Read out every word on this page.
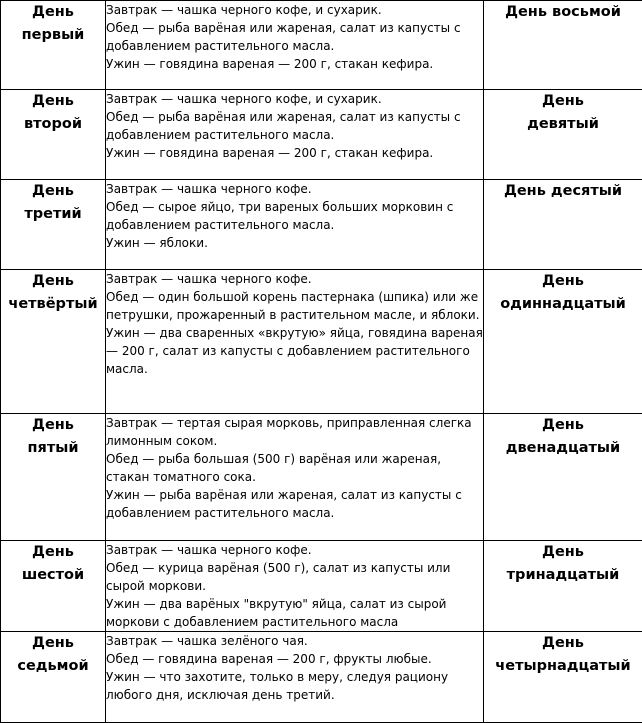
День
первый	Завтрак — чашка черного кофе, и сухарик.
Обед — рыба варёная или жареная, салат из капусты с добавлением растительного масла.
Ужин — говядина вареная — 200 г, стакан кефира.	День восьмой

День
второй	Завтрак — чашка черного кофе, и сухарик.
Обед — рыба варёная или жареная, салат из капусты с добавлением растительного масла.
Ужин — говядина вареная — 200 г, стакан кефира.	День
девятый

День
третий	Завтрак — чашка черного кофе.
Обед — сырое яйцо, три вареных больших морковин с добавлением растительного масла.
Ужин — яблоки.	День десятый

День
четвёртый	Завтрак — чашка черного кофе.
Обед — один большой корень пастернака (шпика) или же петрушки, прожаренный в растительном масле, и яблоки.
Ужин — два сваренных «вкрутую» яйца, говядина вареная — 200 г, салат из капусты с добавлением растительного масла.	День
одиннадцатый

День
пятый	Завтрак — тертая сырая морковь, приправленная слегка лимонным соком.
Обед — рыба большая (500 г) варёная или жареная, стакан томатного сока.
Ужин — рыба варёная или жареная, салат из капусты с добавлением растительного масла.	День
двенадцатый

День
шестой	Завтрак — чашка черного кофе.
Обед — курица варёная (500 г), салат из капусты или сырой моркови.
Ужин — два варёных "вкрутую" яйца, салат из сырой моркови с добавлением растительного масла	День
тринадцатый

День
седьмой	Завтрак — чашка зелёного чая.
Обед — говядина вареная — 200 г, фрукты любые.
Ужин — что захотите, только в меру, следуя рациону любого дня, исключая день третий.	День
четырнадцатый
